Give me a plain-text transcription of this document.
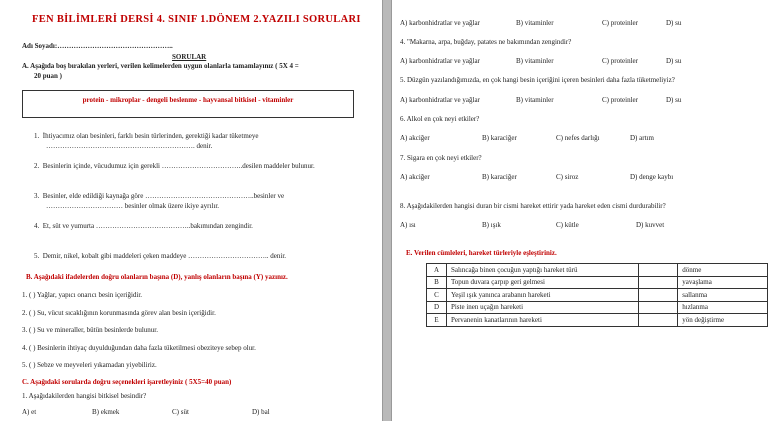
FEN BİLİMLERİ DERSİ 4. SINIF 1.DÖNEM 2.YAZILI SORULARI
Adı Soyadı:…………………………………………..
SORULAR
A. Aşağıda boş bırakılan yerleri, verilen kelimelerden uygun olanlarla tamamlayınız ( 5X 4 =
20 puan )
protein - mikroplar - dengeli beslenme - hayvansal bitkisel - vitaminler
1. İhtiyacımız olan besinleri, farklı besin türlerinden, gerektiği kadar tüketmeye
………………………………………………………. denir.
2. Besinlerin içinde, vücudumuz için gerekli ……………………………..desilen maddeler bulunur.
3. Besinler, elde edildiği kaynağa göre ………………………………………..besinler ve
…………………………… besinler olmak üzere ikiye ayrılır.
4. Et, süt ve yumurta …………………………………..bakımından zengindir.
5. Demir, nikel, kobalt gibi maddeleri çeken maddeye …………………………….. denir.
B. Aşağıdaki ifadelerden doğru olanların başına (D), yanlış olanların başına (Y) yazınız.
1. ( ) Yağlar, yapıcı onarıcı besin içeriğidir.
2. ( ) Su, vücut sıcaklığının korunmasında görev alan besin içeriğidir.
3. ( ) Su ve mineraller, bütün besinlerde bulunur.
4. ( ) Besinlerin ihtiyaç duyulduğundan daha fazla tüketilmesi obeziteye sebep olur.
5. ( ) Sebze ve meyveleri yıkamadan yiyebiliriz.
C. Aşağıdaki sorularda doğru seçenekleri işaretleyiniz ( 5X5=40 puan)
1. Aşağıdakilerden hangisi bitkisel besindir?
A) et	B) ekmek	C) süt	D) bal
A) karbonhidratlar ve yağlar	B) vitaminler	C) proteinler	D) su
4. "Makarna, arpa, buğday, patates ne bakımından zengindir?
A) karbonhidratlar ve yağlar	B) vitaminler	C) proteinler	D) su
5. Düzgün yazılandığımızda, en çok hangi besin içeriğini içeren besinleri daha fazla tüketmeliyiz?
A) karbonhidratlar ve yağlar	B) vitaminler	C) proteinler	D) su
6. Alkol en çok neyi etkiler?
A) akciğer	B) karaciğer	C) nefes darlığı	D) artım
7. Sigara en çok neyi etkiler?
A) akciğer	B) karaciğer	C) siroz	D) denge kaybı
8. Aşağıdakilerden hangisi duran bir cismi hareket ettirir yada hareket eden cismi durdurabilir?
A) ısı	B) ışık	C) kütle	D) kuvvet
E. Verilen cümleleri, hareket türleriyle eşleştiriniz.
A	Salıncağa binen çocuğun yaptığı hareket türü		dönme
B	Topun duvara çarpıp geri gelmesi		yavaşlama
C	Yeşil ışık yanınca arabanın hareketi		sallanma
D	Piste inen uçağın hareketi		hızlanma
E	Pervanenin kanatlarının hareketi		yön değiştirme
